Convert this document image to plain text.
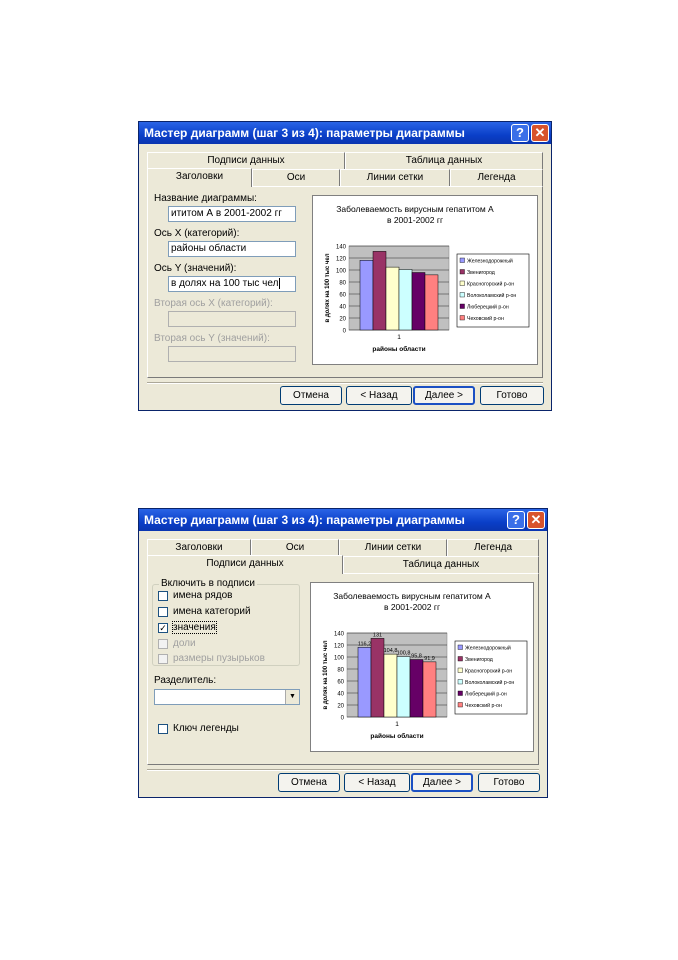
Мастер диаграмм (шаг 3 из 4): параметры диаграммы	? ✕
Подписи данных	Таблица данных
Заголовки	Оси	Линии сетки	Легенда
Название диаграммы:
ититом А в 2001-2002 гг
Ось X (категорий):
районы области
Ось Y (значений):
в долях на 100 тыс чел
Вторая ось X (категорий):
Вторая ось Y (значений):
Заболеваемость вирусным гепатитом А
в 2001-2002 гг
0
20
40
60
80
100
120
140
1
районы области
в долях на 100 тыс чел	Железнодорожный
Звенигород
Красногорский р-он
Волоколамский р-он
Люберецкий р-он
Чеховский р-он
Отмена	< Назад	Далее >	Готово
Мастер диаграмм (шаг 3 из 4): параметры диаграммы	? ✕
Заголовки	Оси	Линии сетки	Легенда
Подписи данных	Таблица данных
Включить в подписи
имена рядов
имена категорий
✓ значения
доли
размеры пузырьков
Разделитель:
▼
Ключ легенды
Заболеваемость вирусным гепатитом А
в 2001-2002 гг
0
20
40
60
80
100
120
140
116,2
131
104,8 100,8 95,8 91,9
1
районы области
в долях на 100 тыс чел	Железнодорожный
Звенигород
Красногорский р-он
Волоколамский р-он
Люберецкий р-он
Чеховский р-он
Отмена	< Назад	Далее >	Готово
